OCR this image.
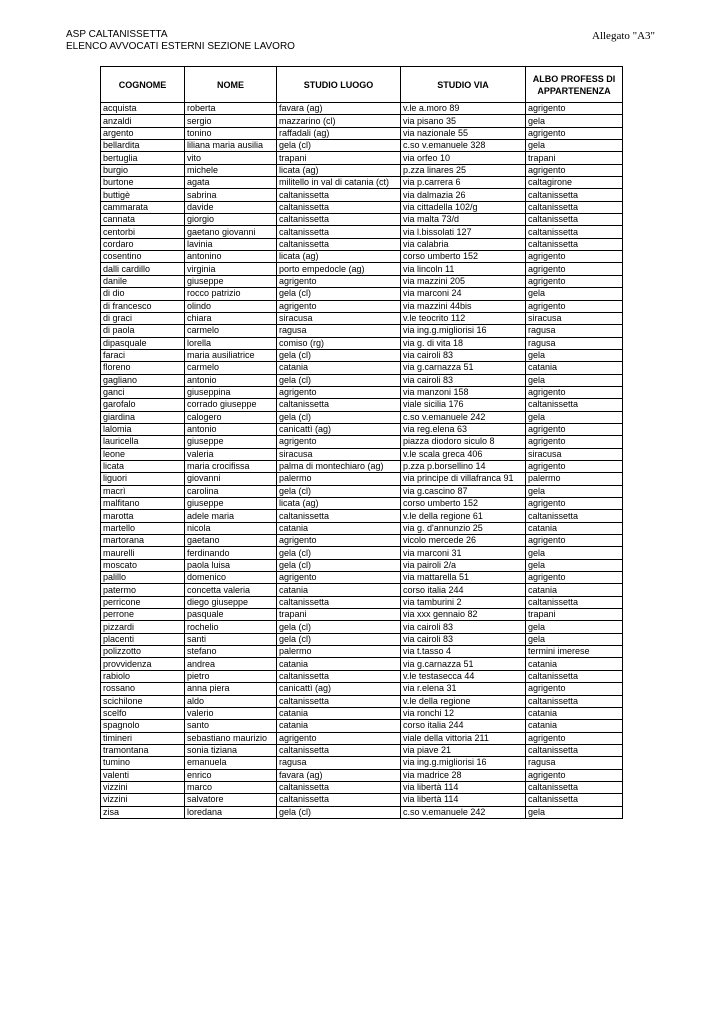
ASP CALTANISSETTA
ELENCO AVVOCATI ESTERNI SEZIONE LAVORO
Allegato "A3"
COGNOME	NOME	STUDIO LUOGO	STUDIO VIA	ALBO PROFESS DI APPARTENENZA
acquista	roberta	favara (ag)	v.le a.moro 89	agrigento
anzaldi	sergio	mazzarino (cl)	via pisano 35	gela
argento	tonino	raffadali (ag)	via nazionale 55	agrigento
bellardita	liliana maria ausilia	gela (cl)	c.so v.emanuele 328	gela
bertuglia	vito	trapani	via orfeo 10	trapani
burgio	michele	licata (ag)	p.zza linares 25	agrigento
burtone	agata	militello in val di catania (ct)	via p.carrera 6	caltagirone
buttigè	sabrina	caltanissetta	via dalmazia 26	caltanissetta
cammarata	davide	caltanissetta	via cittadella 102/g	caltanissetta
cannata	giorgio	caltanissetta	via malta 73/d	caltanissetta
centorbi	gaetano giovanni	caltanissetta	via l.bissolati 127	caltanissetta
cordaro	lavinia	caltanissetta	via calabria	caltanissetta
cosentino	antonino	licata (ag)	corso umberto 152	agrigento
dalli cardillo	virginia	porto empedocle (ag)	via lincoln 11	agrigento
danile	giuseppe	agrigento	via mazzini 205	agrigento
di dio	rocco patrizio	gela (cl)	via marconi 24	gela
di francesco	olindo	agrigento	via mazzini 44bis	agrigento
di graci	chiara	siracusa	v.le teocrito 112	siracusa
di paola	carmelo	ragusa	via ing.g.migliorisi 16	ragusa
dipasquale	lorella	comiso (rg)	via g. di vita 18	ragusa
faraci	maria ausiliatrice	gela (cl)	via cairoli 83	gela
floreno	carmelo	catania	via g.carnazza 51	catania
gagliano	antonio	gela (cl)	via cairoli 83	gela
ganci	giuseppina	agrigento	via manzoni 158	agrigento
garofalo	corrado giuseppe	caltanissetta	viale sicilia 176	caltanissetta
giardina	calogero	gela (cl)	c.so v.emanuele 242	gela
lalomia	antonio	canicattì (ag)	via reg.elena 63	agrigento
lauricella	giuseppe	agrigento	piazza diodoro siculo 8	agrigento
leone	valeria	siracusa	v.le scala greca 406	siracusa
licata	maria crocifissa	palma di montechiaro (ag)	p.zza p.borsellino 14	agrigento
liguori	giovanni	palermo	via principe di villafranca 91	palermo
macrì	carolina	gela (cl)	via g.cascino 87	gela
malfitano	giuseppe	licata (ag)	corso umberto 152	agrigento
marotta	adele maria	caltanissetta	v.le della regione 61	caltanissetta
martello	nicola	catania	via g. d'annunzio 25	catania
martorana	gaetano	agrigento	vicolo mercede 26	agrigento
maurelli	ferdinando	gela (cl)	via marconi 31	gela
moscato	paola luisa	gela (cl)	via pairoli 2/a	gela
palillo	domenico	agrigento	via mattarella 51	agrigento
patermo	concetta valeria	catania	corso italia 244	catania
perricone	diego giuseppe	caltanissetta	via tamburini 2	caltanissetta
perrone	pasquale	trapani	via xxx gennaio 82	trapani
pizzardi	rochelio	gela (cl)	via cairoli 83	gela
placenti	santi	gela (cl)	via cairoli 83	gela
polizzotto	stefano	palermo	via t.tasso 4	termini imerese
provvidenza	andrea	catania	via g.carnazza 51	catania
rabiolo	pietro	caltanissetta	v.le testasecca 44	caltanissetta
rossano	anna piera	canicattì (ag)	via r.elena 31	agrigento
scichilone	aldo	caltanissetta	v.le della regione	caltanissetta
scelfo	valerio	catania	via ronchi 12	catania
spagnolo	santo	catania	corso italia 244	catania
timineri	sebastiano maurizio	agrigento	viale della vittoria 211	agrigento
tramontana	sonia tiziana	caltanissetta	via piave 21	caltanissetta
tumino	emanuela	ragusa	via ing.g.migliorisi 16	ragusa
valenti	enrico	favara (ag)	via madrice 28	agrigento
vizzini	marco	caltanissetta	via libertà 114	caltanissetta
vizzini	salvatore	caltanissetta	via libertà 114	caltanissetta
zisa	loredana	gela (cl)	c.so v.emanuele 242	gela
